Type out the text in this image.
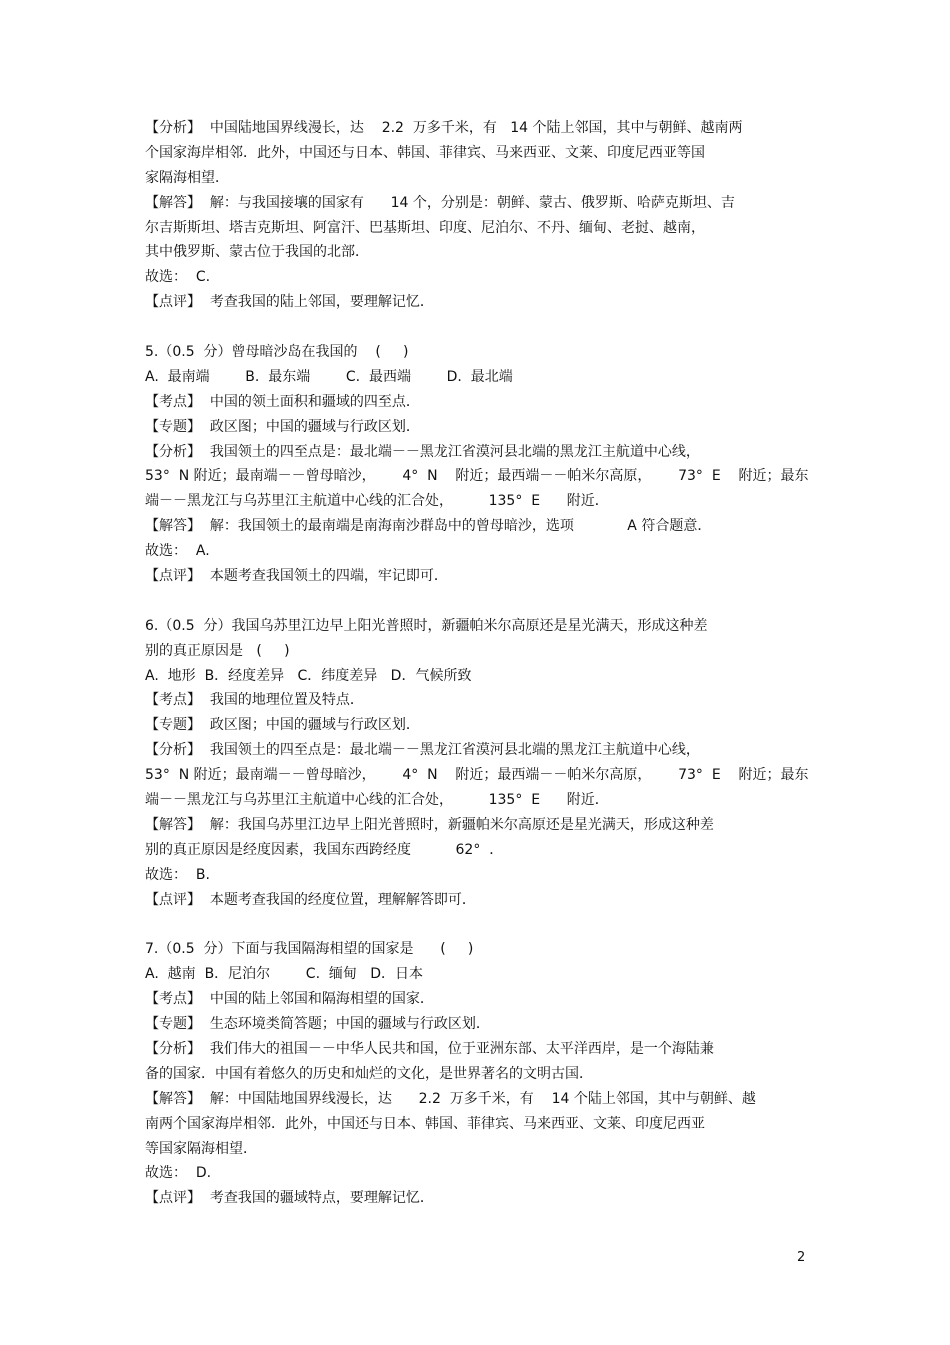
【分析】  中国陆地国界线漫长，达    2.2  万多千米，有   14 个陆上邻国，其中与朝鲜、越南两
个国家海岸相邻．此外，中国还与日本、韩国、菲律宾、马来西亚、文莱、印度尼西亚等国
家隔海相望．
【解答】  解：与我国接壤的国家有      14 个，分别是：朝鲜、蒙古、俄罗斯、哈萨克斯坦、吉
尔吉斯斯坦、塔吉克斯坦、阿富汗、巴基斯坦、印度、尼泊尔、不丹、缅甸、老挝、越南，
其中俄罗斯、蒙古位于我国的北部．
故选：  C.
【点评】  考查我国的陆上邻国，要理解记忆．
5.（0.5  分）曾母暗沙岛在我国的    (     )
A.  最南端        B.  最东端        C.  最西端        D.  最北端
【考点】  中国的领土面积和疆域的四至点．
【专题】  政区图；中国的疆域与行政区划．
【分析】  我国领土的四至点是：最北端－－黑龙江省漠河县北端的黑龙江主航道中心线，
53°  N 附近；最南端－－曾母暗沙，      4°  N    附近；最西端－－帕米尔高原，      73°  E    附近；最东
端－－黑龙江与乌苏里江主航道中心线的汇合处，        135°  E      附近．
【解答】  解：我国领土的最南端是南海南沙群岛中的曾母暗沙，选项            A 符合题意．
故选：  A.
【点评】  本题考查我国领土的四端，牢记即可．
6.（0.5  分）我国乌苏里江边早上阳光普照时，新疆帕米尔高原还是星光满天，形成这种差
别的真正原因是   (     )
A.  地形  B．经度差异   C．纬度差异   D．气候所致
【考点】  我国的地理位置及特点．
【专题】  政区图；中国的疆域与行政区划．
【分析】  我国领土的四至点是：最北端－－黑龙江省漠河县北端的黑龙江主航道中心线，
53°  N 附近；最南端－－曾母暗沙，      4°  N    附近；最西端－－帕米尔高原，      73°  E    附近；最东
端－－黑龙江与乌苏里江主航道中心线的汇合处，        135°  E      附近．
【解答】  解：我国乌苏里江边早上阳光普照时，新疆帕米尔高原还是星光满天，形成这种差
别的真正原因是经度因素，我国东西跨经度          62°  ．
故选：  B.
【点评】  本题考查我国的经度位置，理解解答即可．
7.（0.5  分）下面与我国隔海相望的国家是      (     )
A.  越南  B．尼泊尔        C.  缅甸   D．日本
【考点】  中国的陆上邻国和隔海相望的国家．
【专题】  生态环境类简答题；中国的疆域与行政区划．
【分析】  我们伟大的祖国－－中华人民共和国，位于亚洲东部、太平洋西岸，是一个海陆兼
备的国家．中国有着悠久的历史和灿烂的文化，是世界著名的文明古国．
【解答】  解：中国陆地国界线漫长，达      2.2  万多千米，有    14 个陆上邻国，其中与朝鲜、越
南两个国家海岸相邻．此外，中国还与日本、韩国、菲律宾、马来西亚、文莱、印度尼西亚
等国家隔海相望．
故选：  D.
【点评】  考查我国的疆域特点，要理解记忆．
2
